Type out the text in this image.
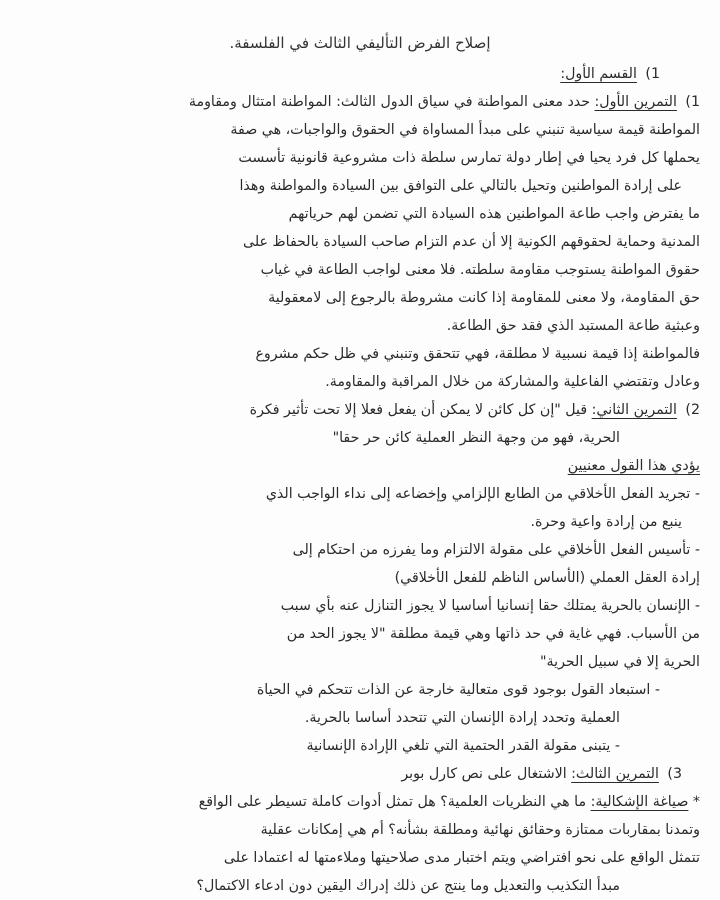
إصلاح الفرض التأليفي الثالث في الفلسفة.
1) القسم الأول:
1) التمرين الأول: حدد معنى المواطنة في سياق الدول الثالث: المواطنة امتثال ومقاومة
المواطنة قيمة سياسية تنبني على مبدأ المساواة في الحقوق والواجبات، هي صفة
يحملها كل فرد يحيا في إطار دولة تمارس سلطة ذات مشروعية قانونية تأسست
على إرادة المواطنين وتحيل بالتالي على التوافق بين السيادة والمواطنة وهذا
ما يفترض واجب طاعة المواطنين هذه السيادة التي تضمن لهم حرياتهم
المدنية وحماية لحقوقهم الكونية إلا أن عدم التزام صاحب السيادة بالحفاظ على
حقوق المواطنة يستوجب مقاومة سلطته. فلا معنى لواجب الطاعة في غياب
حق المقاومة، ولا معنى للمقاومة إذا كانت مشروطة بالرجوع إلى لامعقولية
وعبثية طاعة المستبد الذي فقد حق الطاعة.
فالمواطنة إذا قيمة نسبية لا مطلقة، فهي تتحقق وتنبني في ظل حكم مشروع
وعادل وتقتضي الفاعلية والمشاركة من خلال المراقبة والمقاومة.
2) التمرين الثاني: قيل "إن كل كائن لا يمكن أن يفعل فعلا إلا تحت تأثير فكرة
الحرية، فهو من وجهة النظر العملية كائن حر حقا"
يؤدي هذا القول معنيين
- تجريد الفعل الأخلاقي من الطابع الإلزامي وإخضاعه إلى نداء الواجب الذي
ينبع من إرادة واعية وحرة.
- تأسيس الفعل الأخلاقي على مقولة الالتزام وما يفرزه من احتكام إلى
إرادة العقل العملي (الأساس الناظم للفعل الأخلاقي)
- الإنسان بالحرية يمتلك حقا إنسانيا أساسيا لا يجوز التنازل عنه بأي سبب
من الأسباب. فهي غاية في حد ذاتها وهي قيمة مطلقة "لا يجوز الحد من
الحرية إلا في سبيل الحرية"
- استبعاد القول بوجود قوى متعالية خارجة عن الذات تتحكم في الحياة
العملية وتحدد إرادة الإنسان التي تتحدد أساسا بالحرية.
- يتبنى مقولة القدر الحتمية التي تلغي الإرادة الإنسانية
3) التمرين الثالث: الاشتغال على نص كارل بوبر
* صياغة الإشكالية: ما هي النظريات العلمية؟ هل تمثل أدوات كاملة تسيطر على الواقع
وتمدنا بمقاربات ممتازة وحقائق نهائية ومطلقة بشأنه؟ أم هي إمكانات عقلية
تتمثل الواقع على نحو افتراضي ويتم اختبار مدى صلاحيتها وملاءمتها له اعتمادا على
مبدأ التكذيب والتعديل وما ينتج عن ذلك إدراك اليقين دون ادعاء الاكتمال؟
